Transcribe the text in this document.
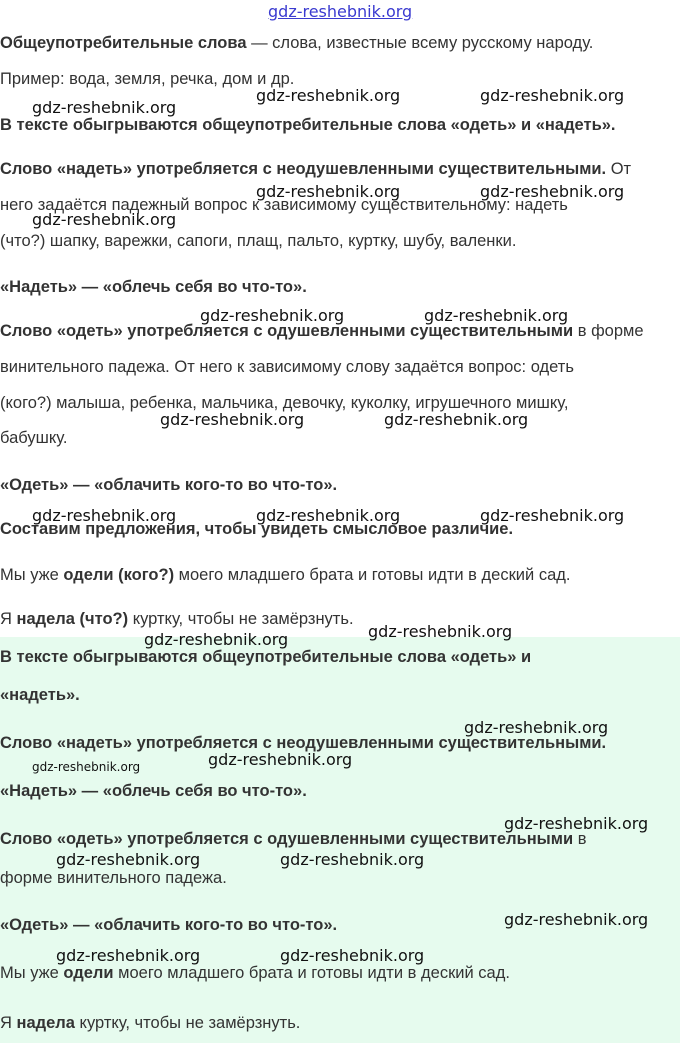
gdz-reshebnik.org
Общеупотребительные слова — слова, известные всему русскому народу.
Пример: вода, земля, речка, дом и др.
В тексте обыгрываются общеупотребительные слова «одеть» и «надеть».
Слово «надеть» употребляется с неодушевленными существительными. От
него задаётся падежный вопрос к зависимому существительному: надеть
(что?) шапку, варежки, сапоги, плащ, пальто, куртку, шубу, валенки.
«Надеть» — «облечь себя во что-то».
Слово «одеть» употребляется с одушевленными существительными в форме
винительного падежа. От него к зависимому слову задаётся вопрос: одеть
(кого?) малыша, ребенка, мальчика, девочку, куколку, игрушечного мишку,
бабушку.
«Одеть» — «облачить кого-то во что-то».
Составим предложения, чтобы увидеть смысловое различие.
Мы уже одели (кого?) моего младшего брата и готовы идти в деский сад.
Я надела (что?) куртку, чтобы не замёрзнуть.
В тексте обыгрываются общеупотребительные слова «одеть» и
«надеть».
Слово «надеть» употребляется с неодушевленными существительными.
«Надеть» — «облечь себя во что-то».
Слово «одеть» употребляется с одушевленными существительными в
форме винительного падежа.
«Одеть» — «облачить кого-то во что-то».
Мы уже одели моего младшего брата и готовы идти в деский сад.
Я надела куртку, чтобы не замёрзнуть.
gdz-reshebnik.org	gdz-reshebnik.org
gdz-reshebnik.org
gdz-reshebnik.org	gdz-reshebnik.org
gdz-reshebnik.org
gdz-reshebnik.org	gdz-reshebnik.org
gdz-reshebnik.org	gdz-reshebnik.org
gdz-reshebnik.org	gdz-reshebnik.org	gdz-reshebnik.org
gdz-reshebnik.org
gdz-reshebnik.org
gdz-reshebnik.org
gdz-reshebnik.org
gdz-reshebnik.org
gdz-reshebnik.org
gdz-reshebnik.org	gdz-reshebnik.org
gdz-reshebnik.org
gdz-reshebnik.org	gdz-reshebnik.org
